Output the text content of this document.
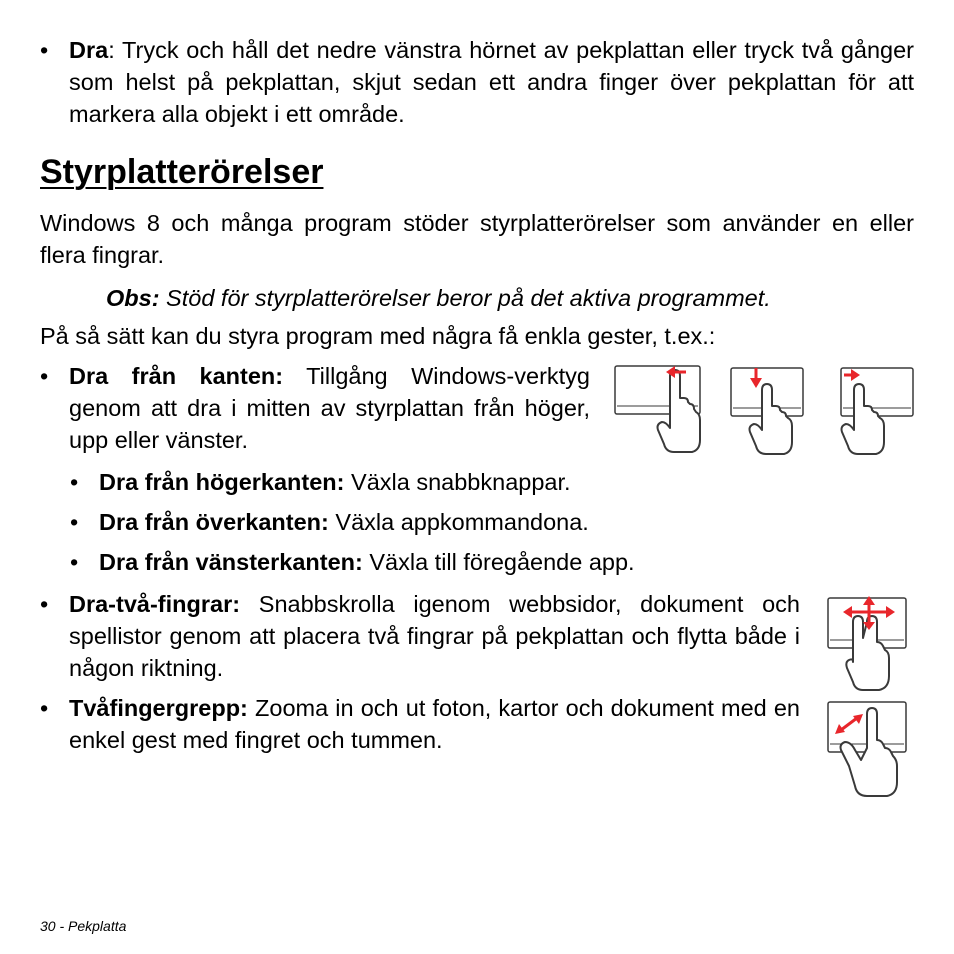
• Dra: Tryck och håll det nedre vänstra hörnet av pekplattan eller tryck två gånger som helst på pekplattan, skjut sedan ett andra finger över pekplattan för att markera alla objekt i ett område.
Styrplatterörelser
Windows 8 och många program stöder styrplatterörelser som använder en eller flera fingrar.
Obs: Stöd för styrplatterörelser beror på det aktiva programmet.
På så sätt kan du styra program med några få enkla gester, t.ex.:
• Dra från kanten: Tillgång Windows-verktyg genom att dra i mitten av styrplattan från höger, upp eller vänster.
• Dra från högerkanten: Växla snabbknappar.
• Dra från överkanten: Växla appkommandona.
• Dra från vänsterkanten: Växla till föregående app.
• Dra-två-fingrar: Snabbskrolla igenom webbsidor, dokument och spellistor genom att placera två fingrar på pekplattan och flytta både i någon riktning.
• Tvåfingergrepp: Zooma in och ut foton, kartor och dokument med en enkel gest med fingret och tummen.
30 - Pekplatta
